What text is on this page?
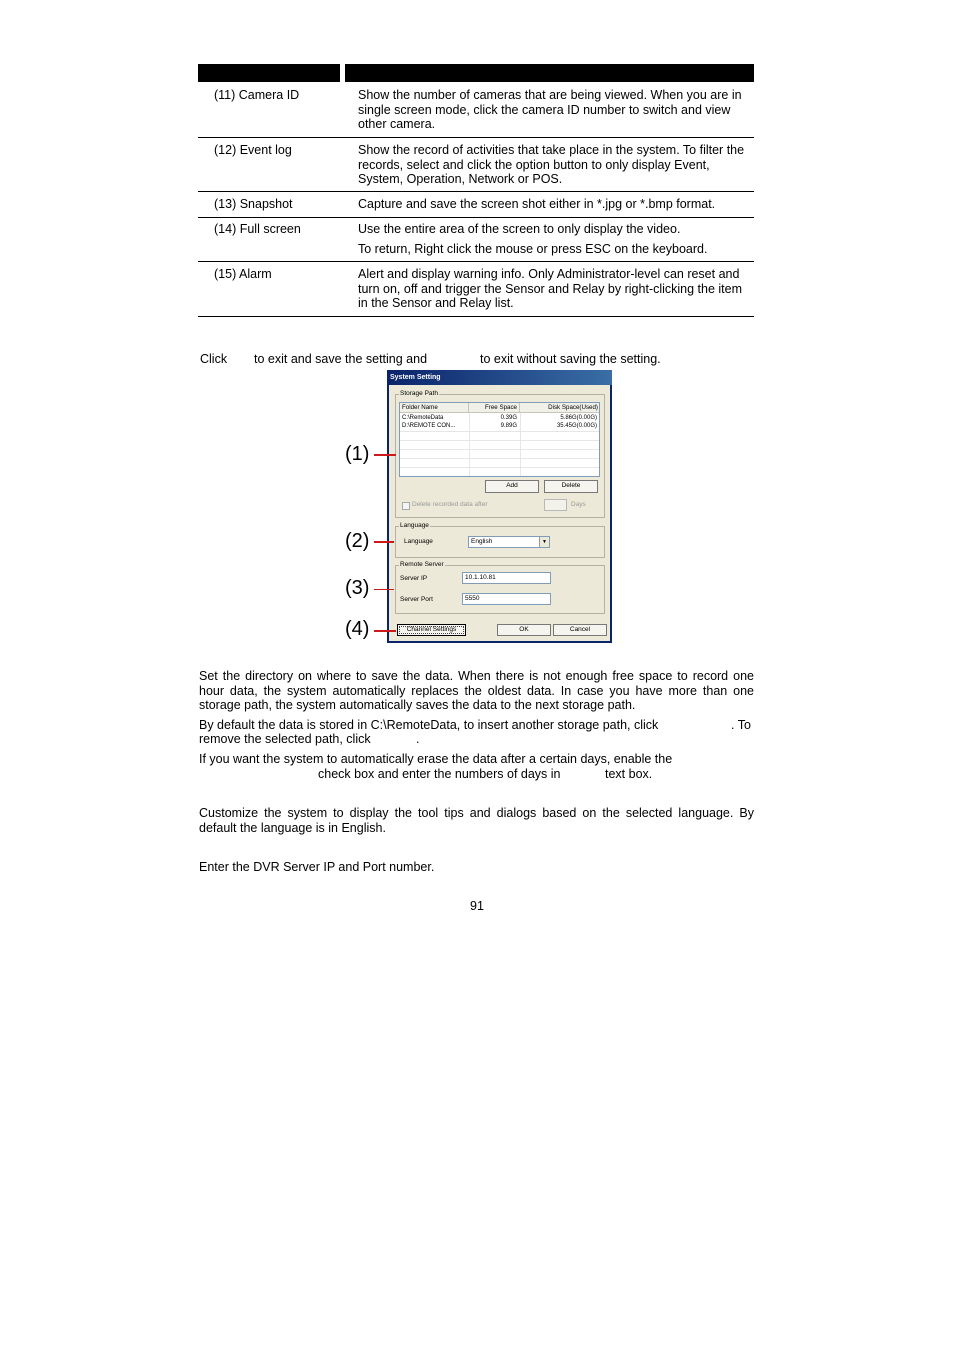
(11) Camera ID	Show the number of cameras that are being viewed. When you are in single screen mode, click the camera ID number to switch and view other camera.

(12) Event log	Show the record of activities that take place in the system. To filter the records, select and click the option button to only display Event, System, Operation, Network or POS.

(13) Snapshot	Capture and save the screen shot either in *.jpg or *.bmp format.

(14) Full screen	Use the entire area of the screen to only display the video.

To return, Right click the mouse or press ESC on the keyboard.

(15) Alarm	Alert and display warning info. Only Administrator-level can reset and turn on, off and trigger the Sensor and Relay by right-clicking the item in the Sensor and Relay list.

Click to exit and save the setting and	to exit without saving the setting.
System Setting
Storage Path
Folder Name	Free Space	Disk Space(Used)
C:\RemoteData	0.39G	5.86G(0.00G)
D:\REMOTE CON...	9.89G	35.45G(0.00G)
Add	Delete
Delete recorded data after	Days
Language
Language	English	▼
Remote Server
Server IP	10.1.10.81
Server Port	5550
Channel Settings	OK	Cancel
(1)
(2)
(3)
(4)

Set the directory on where to save the data. When there is not enough free space to record one hour data, the system automatically replaces the oldest data. In case you have more than one storage path, the system automatically saves the data to the next storage path.

By default the data is stored in C:\RemoteData, to insert another storage path, click	. To
remove the selected path, click	.
If you want the system to automatically erase the data after a certain days, enable the
check box and enter the numbers of days in	text box.

Customize the system to display the tool tips and dialogs based on the selected language. By default the language is in English.

Enter the DVR Server IP and Port number.

91
